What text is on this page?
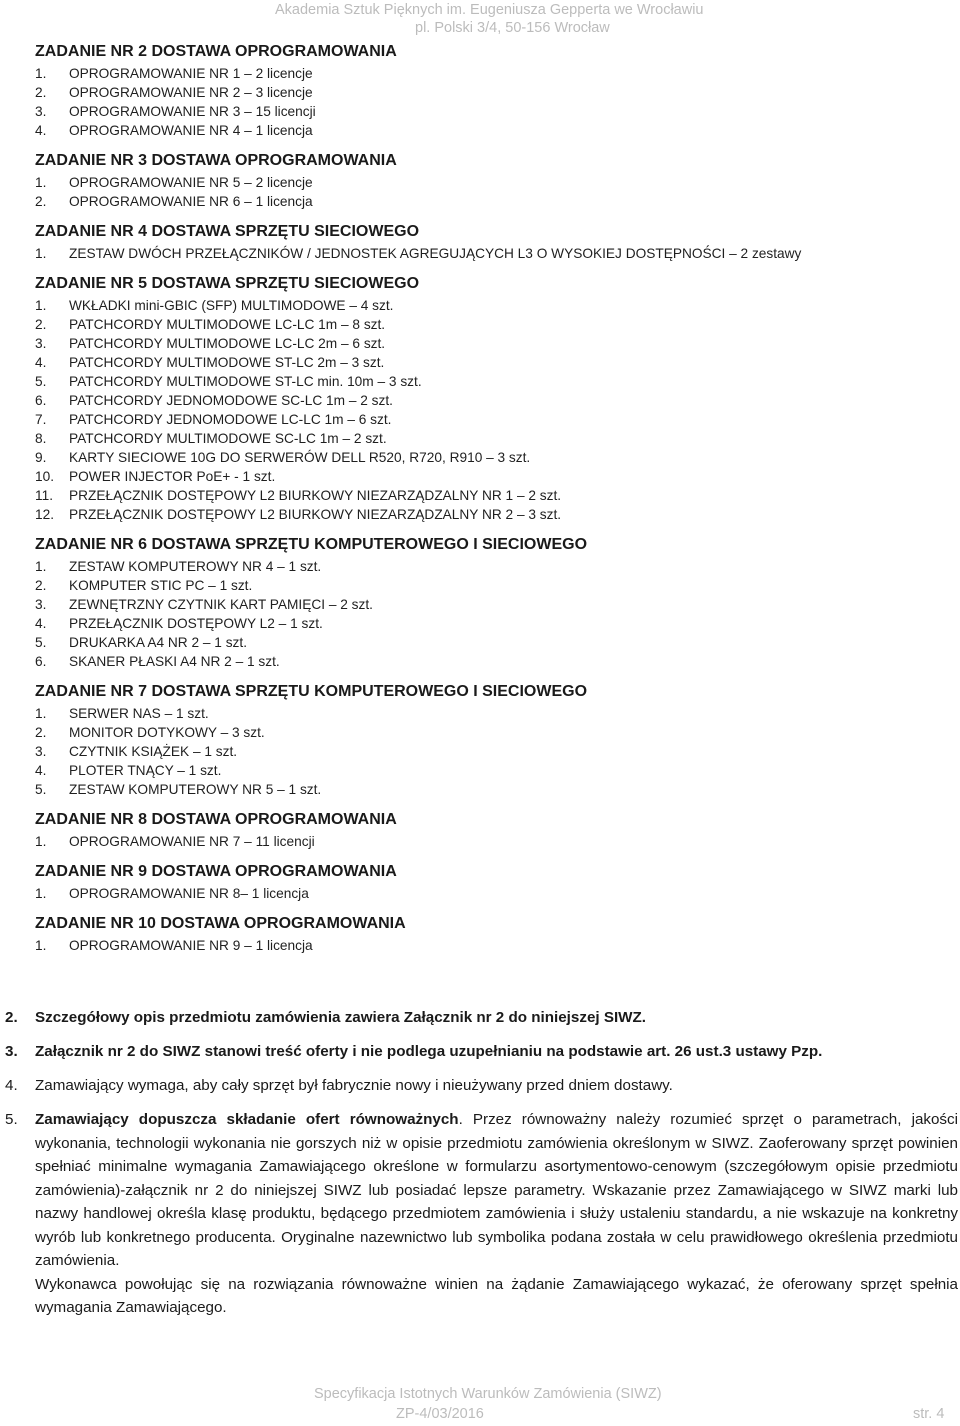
Akademia Sztuk Pięknych im. Eugeniusza Gepperta we Wrocławiu
pl. Polski 3/4, 50-156 Wrocław
ZADANIE NR 2 DOSTAWA OPROGRAMOWANIA
1. OPROGRAMOWANIE NR 1 – 2 licencje
2. OPROGRAMOWANIE NR 2 – 3 licencje
3. OPROGRAMOWANIE NR 3 – 15 licencji
4. OPROGRAMOWANIE NR 4 – 1 licencja
ZADANIE NR 3 DOSTAWA OPROGRAMOWANIA
1. OPROGRAMOWANIE NR 5 – 2 licencje
2. OPROGRAMOWANIE NR 6 – 1 licencja
ZADANIE NR 4 DOSTAWA SPRZĘTU SIECIOWEGO
1. ZESTAW DWÓCH PRZEŁĄCZNIKÓW / JEDNOSTEK AGREGUJĄCYCH L3 O WYSOKIEJ DOSTĘPNOŚCI – 2 zestawy
ZADANIE NR 5 DOSTAWA SPRZĘTU SIECIOWEGO
1. WKŁADKI mini-GBIC (SFP) MULTIMODOWE – 4 szt.
2. PATCHCORDY MULTIMODOWE LC-LC 1m – 8 szt.
3. PATCHCORDY MULTIMODOWE LC-LC 2m – 6 szt.
4. PATCHCORDY MULTIMODOWE ST-LC 2m – 3 szt.
5. PATCHCORDY MULTIMODOWE ST-LC min. 10m – 3 szt.
6. PATCHCORDY JEDNOMODOWE SC-LC 1m – 2 szt.
7. PATCHCORDY JEDNOMODOWE LC-LC 1m – 6 szt.
8. PATCHCORDY MULTIMODOWE SC-LC 1m – 2 szt.
9. KARTY SIECIOWE 10G DO SERWERÓW DELL R520, R720, R910 – 3 szt.
10. POWER INJECTOR PoE+ - 1 szt.
11. PRZEŁĄCZNIK DOSTĘPOWY L2 BIURKOWY NIEZARZĄDZALNY NR 1 – 2 szt.
12. PRZEŁĄCZNIK DOSTĘPOWY L2 BIURKOWY NIEZARZĄDZALNY NR 2 – 3 szt.
ZADANIE NR 6 DOSTAWA SPRZĘTU KOMPUTEROWEGO I SIECIOWEGO
1. ZESTAW KOMPUTEROWY NR 4 – 1 szt.
2. KOMPUTER STIC PC – 1 szt.
3. ZEWNĘTRZNY CZYTNIK KART PAMIĘCI – 2 szt.
4. PRZEŁĄCZNIK DOSTĘPOWY L2 – 1 szt.
5. DRUKARKA A4 NR 2 – 1 szt.
6. SKANER PŁASKI A4 NR 2 – 1 szt.
ZADANIE NR 7 DOSTAWA SPRZĘTU KOMPUTEROWEGO I SIECIOWEGO
1. SERWER NAS – 1 szt.
2. MONITOR DOTYKOWY – 3 szt.
3. CZYTNIK KSIĄŻEK – 1 szt.
4. PLOTER TNĄCY – 1 szt.
5. ZESTAW KOMPUTEROWY NR 5 – 1 szt.
ZADANIE NR 8 DOSTAWA OPROGRAMOWANIA
1. OPROGRAMOWANIE NR 7 – 11 licencji
ZADANIE NR 9 DOSTAWA OPROGRAMOWANIA
1. OPROGRAMOWANIE NR 8– 1 licencja
ZADANIE NR 10 DOSTAWA OPROGRAMOWANIA
1. OPROGRAMOWANIE NR 9 – 1 licencja
2. Szczegółowy opis przedmiotu zamówienia zawiera Załącznik nr 2 do niniejszej SIWZ.
3. Załącznik nr 2 do SIWZ stanowi treść oferty i nie podlega uzupełnianiu na podstawie art. 26 ust.3 ustawy Pzp.
4. Zamawiający wymaga, aby cały sprzęt był fabrycznie nowy i nieużywany przed dniem dostawy.
5. Zamawiający dopuszcza składanie ofert równoważnych. Przez równoważny należy rozumieć sprzęt o parametrach, jakości wykonania, technologii wykonania nie gorszych niż w opisie przedmiotu zamówienia określonym w SIWZ. Zaoferowany sprzęt powinien spełniać minimalne wymagania Zamawiającego określone w formularzu asortymentowo-cenowym (szczegółowym opisie przedmiotu zamówienia)-załącznik nr 2 do niniejszej SIWZ lub posiadać lepsze parametry. Wskazanie przez Zamawiającego w SIWZ marki lub nazwy handlowej określa klasę produktu, będącego przedmiotem zamówienia i służy ustaleniu standardu, a nie wskazuje na konkretny wyrób lub konkretnego producenta. Oryginalne nazewnictwo lub symbolika podana została w celu prawidłowego określenia przedmiotu zamówienia.
Wykonawca powołując się na rozwiązania równoważne winien na żądanie Zamawiającego wykazać, że oferowany sprzęt spełnia wymagania Zamawiającego.
Specyfikacja Istotnych Warunków Zamówienia (SIWZ)
ZP-4/03/2016	str. 4
